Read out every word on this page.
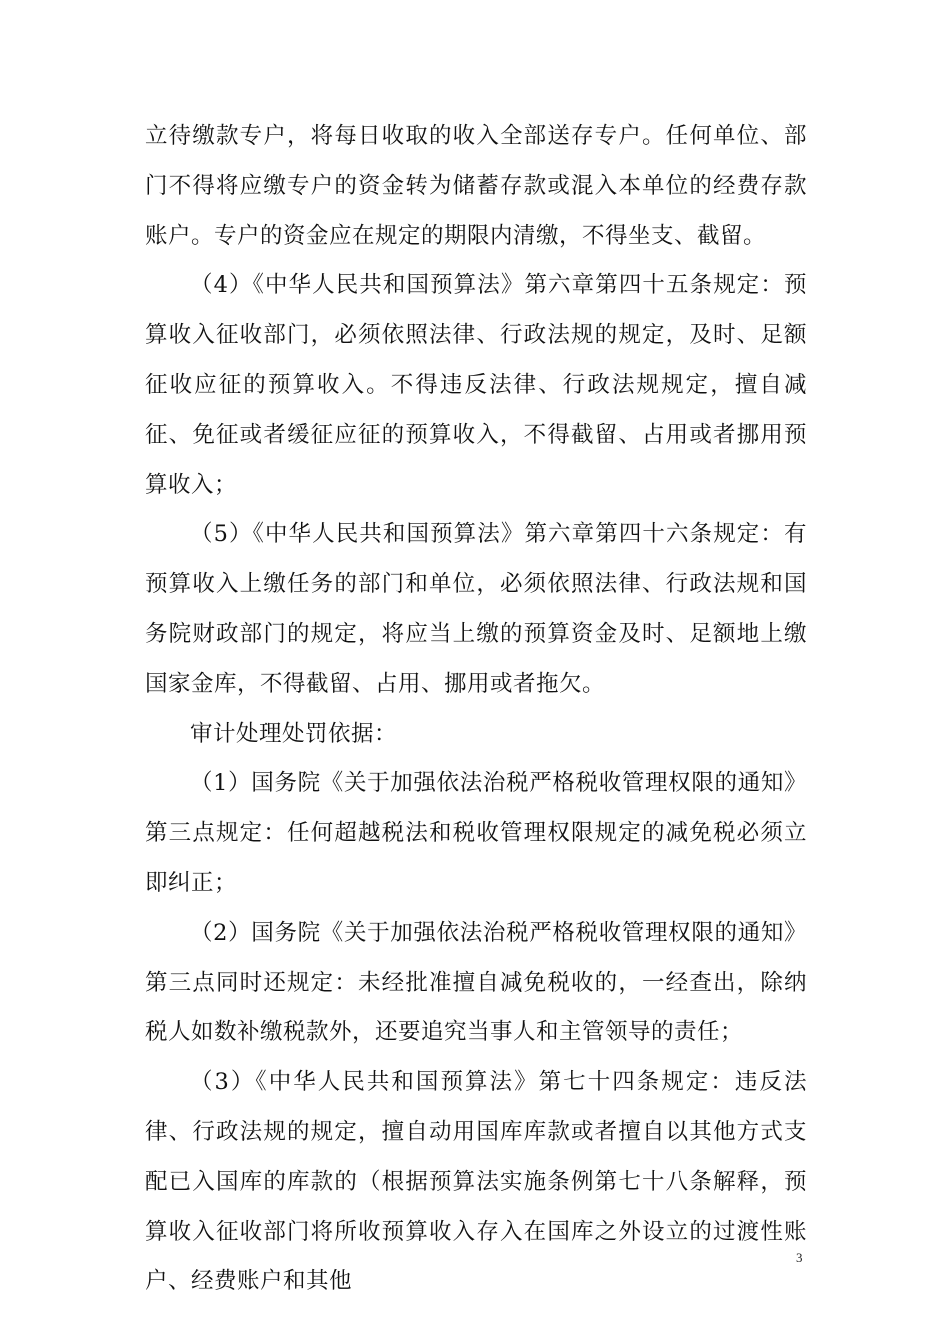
立待缴款专户，将每日收取的收入全部送存专户。任何单位、部门不得将应缴专户的资金转为储蓄存款或混入本单位的经费存款账户。专户的资金应在规定的期限内清缴，不得坐支、截留。

（4）《中华人民共和国预算法》第六章第四十五条规定：预算收入征收部门，必须依照法律、行政法规的规定，及时、足额征收应征的预算收入。不得违反法律、行政法规规定，擅自减征、免征或者缓征应征的预算收入，不得截留、占用或者挪用预算收入；

（5）《中华人民共和国预算法》第六章第四十六条规定：有预算收入上缴任务的部门和单位，必须依照法律、行政法规和国务院财政部门的规定，将应当上缴的预算资金及时、足额地上缴国家金库，不得截留、占用、挪用或者拖欠。

审计处理处罚依据：

（1）国务院《关于加强依法治税严格税收管理权限的通知》第三点规定：任何超越税法和税收管理权限规定的减免税必须立即纠正；

（2）国务院《关于加强依法治税严格税收管理权限的通知》第三点同时还规定：未经批准擅自减免税收的，一经查出，除纳税人如数补缴税款外，还要追究当事人和主管领导的责任；

（3）《中华人民共和国预算法》第七十四条规定：违反法律、行政法规的规定，擅自动用国库库款或者擅自以其他方式支配已入国库的库款的（根据预算法实施条例第七十八条解释，预算收入征收部门将所收预算收入存入在国库之外设立的过渡性账户、经费账户和其他

3
